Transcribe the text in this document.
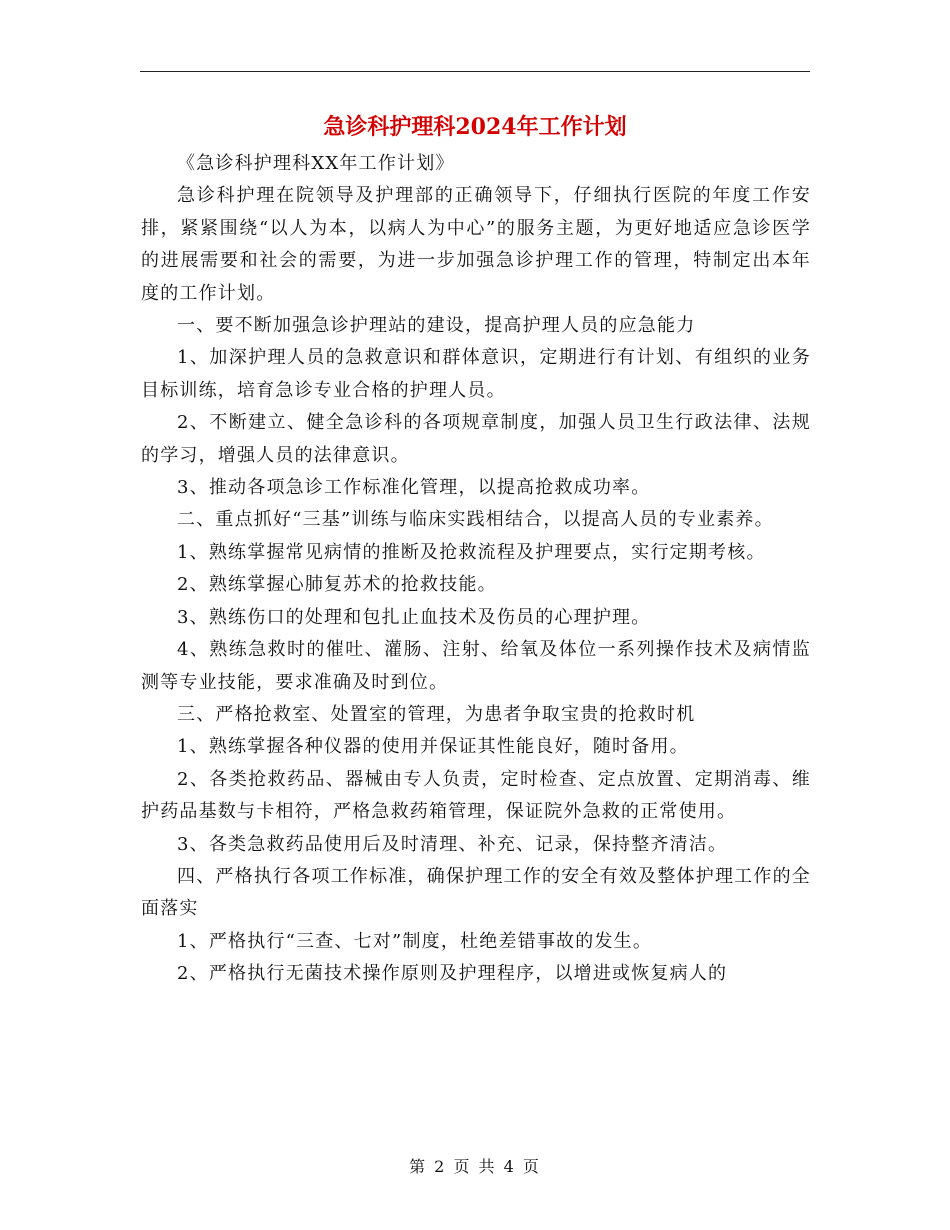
急诊科护理科2024年工作计划

《急诊科护理科XX年工作计划》

急诊科护理在院领导及护理部的正确领导下，仔细执行医院的年度工作安排，紧紧围绕“以人为本，以病人为中心”的服务主题，为更好地适应急诊医学的进展需要和社会的需要，为进一步加强急诊护理工作的管理，特制定出本年度的工作计划。

一、要不断加强急诊护理站的建设，提高护理人员的应急能力

1、加深护理人员的急救意识和群体意识，定期进行有计划、有组织的业务目标训练，培育急诊专业合格的护理人员。

2、不断建立、健全急诊科的各项规章制度，加强人员卫生行政法律、法规的学习，增强人员的法律意识。

3、推动各项急诊工作标准化管理，以提高抢救成功率。

二、重点抓好“三基”训练与临床实践相结合，以提高人员的专业素养。

1、熟练掌握常见病情的推断及抢救流程及护理要点，实行定期考核。

2、熟练掌握心肺复苏术的抢救技能。

3、熟练伤口的处理和包扎止血技术及伤员的心理护理。

4、熟练急救时的催吐、灌肠、注射、给氧及体位一系列操作技术及病情监测等专业技能，要求准确及时到位。

三、严格抢救室、处置室的管理，为患者争取宝贵的抢救时机

1、熟练掌握各种仪器的使用并保证其性能良好，随时备用。

2、各类抢救药品、器械由专人负责，定时检查、定点放置、定期消毒、维护药品基数与卡相符，严格急救药箱管理，保证院外急救的正常使用。

3、各类急救药品使用后及时清理、补充、记录，保持整齐清洁。

四、严格执行各项工作标准，确保护理工作的安全有效及整体护理工作的全面落实

1、严格执行“三查、七对”制度，杜绝差错事故的发生。

2、严格执行无菌技术操作原则及护理程序，以增进或恢复病人的

第 2 页 共 4 页
